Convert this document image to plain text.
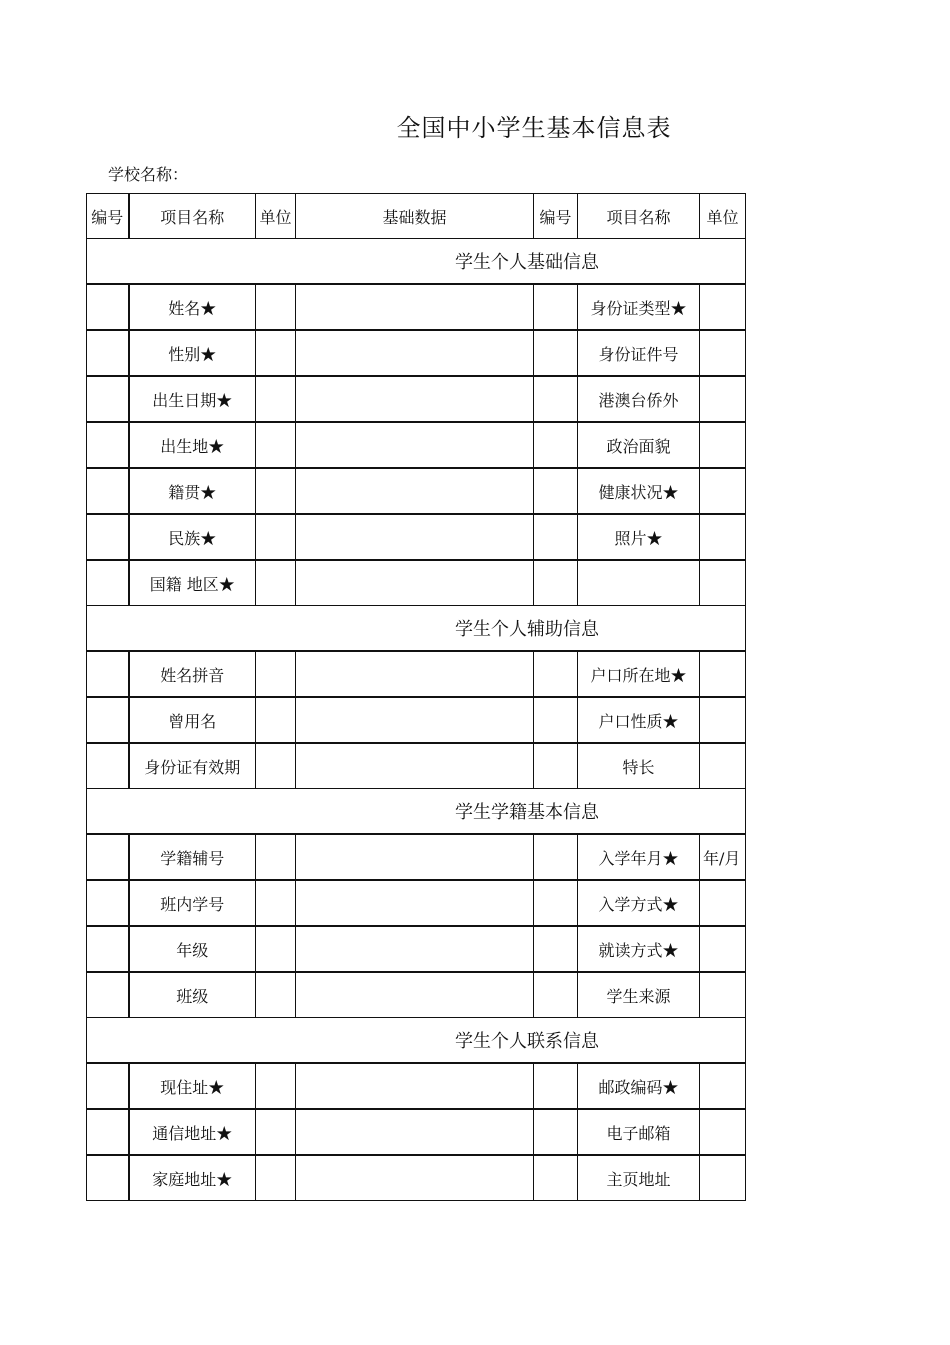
全国中小学生基本信息表
学校名称：
编号	项目名称	单位	基础数据	编号	项目名称	单位
学生个人基础信息						
	姓名★				身份证类型★	
	性别★				身份证件号	
	出生日期★				港澳台侨外	
	出生地★				政治面貌	
	籍贯★				健康状况★	
	民族★				照片★	
	国籍 地区★					
学生个人辅助信息						
	姓名拼音				户口所在地★	
	曾用名				户口性质★	
	身份证有效期				特长	
学生学籍基本信息						
	学籍辅号				入学年月★	年/月
	班内学号				入学方式★	
	年级				就读方式★	
	班级				学生来源	
学生个人联系信息						
	现住址★				邮政编码★	
	通信地址★				电子邮箱	
	家庭地址★				主页地址	
